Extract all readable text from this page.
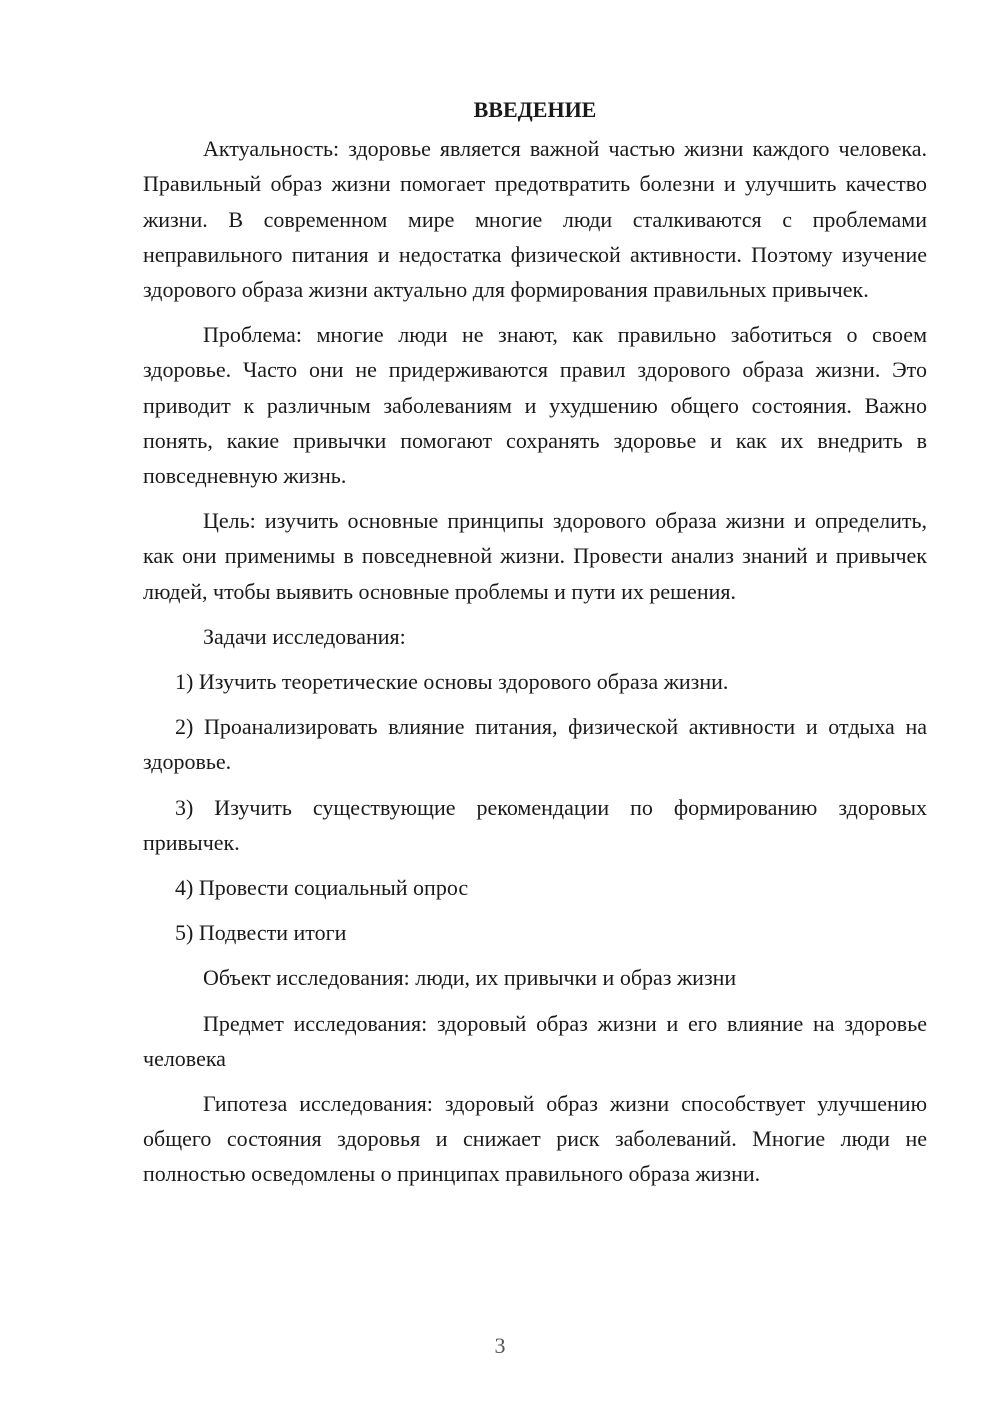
ВВЕДЕНИЕ

Актуальность: здоровье является важной частью жизни каждого человека. Правильный образ жизни помогает предотвратить болезни и улучшить качество жизни. В современном мире многие люди сталкиваются с проблемами неправильного питания и недостатка физической активности. Поэтому изучение здорового образа жизни актуально для формирования правильных привычек.

Проблема: многие люди не знают, как правильно заботиться о своем здоровье. Часто они не придерживаются правил здорового образа жизни. Это приводит к различным заболеваниям и ухудшению общего состояния. Важно понять, какие привычки помогают сохранять здоровье и как их внедрить в повседневную жизнь.

Цель: изучить основные принципы здорового образа жизни и определить, как они применимы в повседневной жизни. Провести анализ знаний и привычек людей, чтобы выявить основные проблемы и пути их решения.

Задачи исследования:

1) Изучить теоретические основы здорового образа жизни.

2) Проанализировать влияние питания, физической активности и отдыха на здоровье.

3) Изучить существующие рекомендации по формированию здоровых привычек.

4) Провести социальный опрос

5) Подвести итоги

Объект исследования: люди, их привычки и образ жизни

Предмет исследования: здоровый образ жизни и его влияние на здоровье человека

Гипотеза исследования: здоровый образ жизни способствует улучшению общего состояния здоровья и снижает риск заболеваний. Многие люди не полностью осведомлены о принципах правильного образа жизни.

3
